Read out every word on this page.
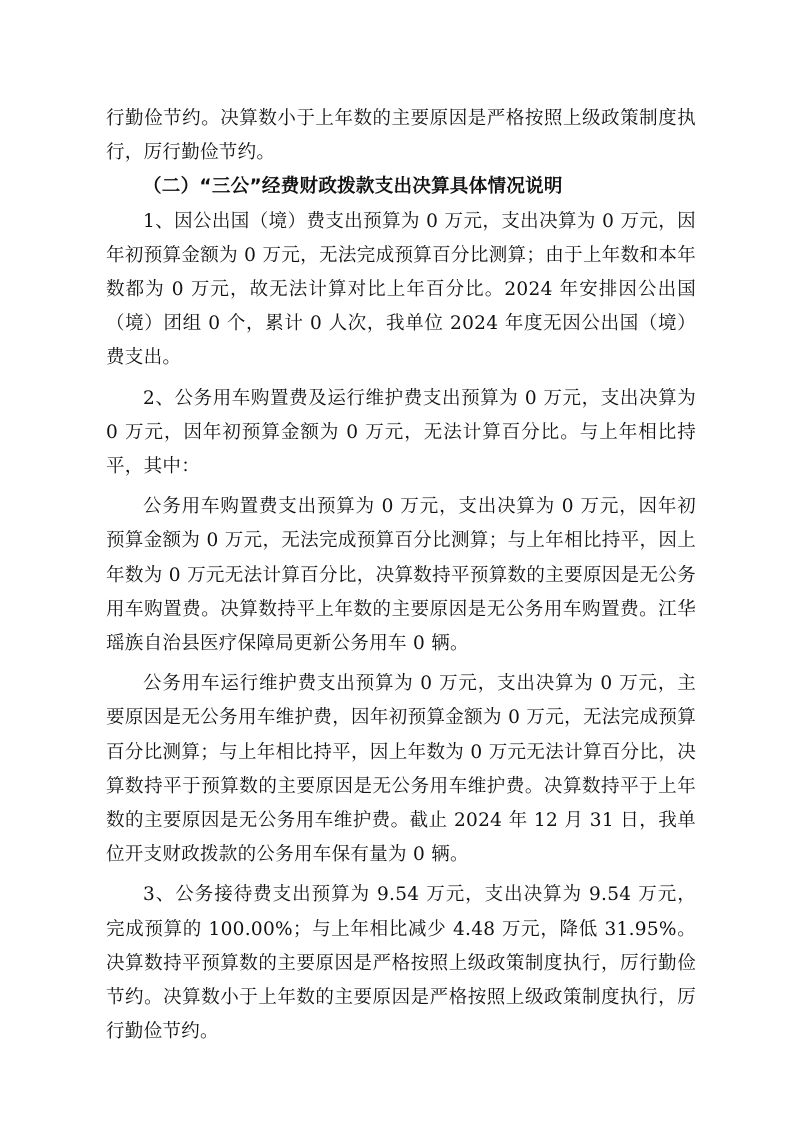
行勤俭节约。决算数小于上年数的主要原因是严格按照上级政策制度执行，厉行勤俭节约。

（二）“三公”经费财政拨款支出决算具体情况说明

1、因公出国（境）费支出预算为 0 万元，支出决算为 0 万元，因年初预算金额为 0 万元，无法完成预算百分比测算；由于上年数和本年数都为 0 万元，故无法计算对比上年百分比。2024 年安排因公出国（境）团组 0 个，累计 0 人次，我单位 2024 年度无因公出国（境）费支出。

2、公务用车购置费及运行维护费支出预算为 0 万元，支出决算为 0 万元，因年初预算金额为 0 万元，无法计算百分比。与上年相比持平，其中：

公务用车购置费支出预算为 0 万元，支出决算为 0 万元，因年初预算金额为 0 万元，无法完成预算百分比测算；与上年相比持平，因上年数为 0 万元无法计算百分比，决算数持平预算数的主要原因是无公务用车购置费。决算数持平上年数的主要原因是无公务用车购置费。江华瑶族自治县医疗保障局更新公务用车 0 辆。

公务用车运行维护费支出预算为 0 万元，支出决算为 0 万元，主要原因是无公务用车维护费，因年初预算金额为 0 万元，无法完成预算百分比测算；与上年相比持平，因上年数为 0 万元无法计算百分比，决算数持平于预算数的主要原因是无公务用车维护费。决算数持平于上年数的主要原因是无公务用车维护费。截止 2024 年 12 月 31 日，我单位开支财政拨款的公务用车保有量为 0 辆。

3、公务接待费支出预算为 9.54 万元，支出决算为 9.54 万元，完成预算的 100.00%；与上年相比减少 4.48 万元，降低 31.95%。决算数持平预算数的主要原因是严格按照上级政策制度执行，厉行勤俭节约。决算数小于上年数的主要原因是严格按照上级政策制度执行，厉行勤俭节约。
